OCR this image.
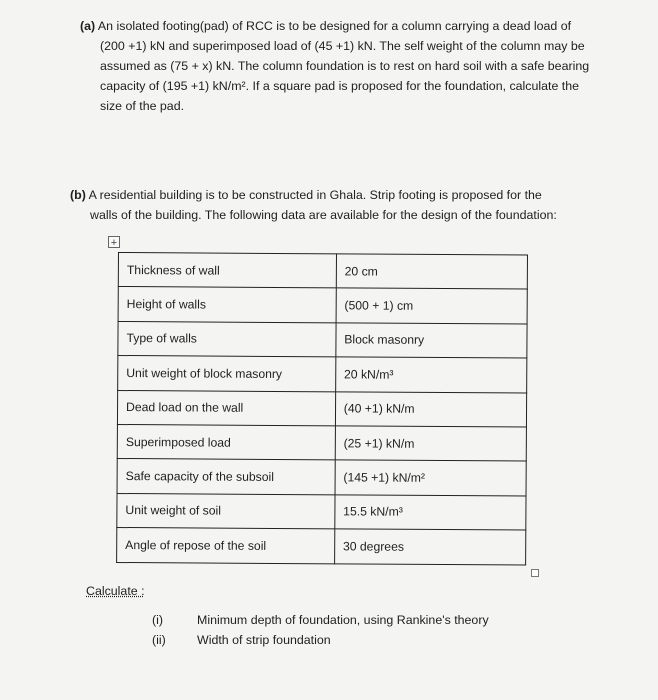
(a) An isolated footing(pad) of RCC is to be designed for a column carrying a dead load of
(200 +1) kN and superimposed load of (45 +1) kN. The self weight of the column may be
assumed as (75 + x) kN. The column foundation is to rest on hard soil with a safe bearing
capacity of (195 +1) kN/m². If a square pad is proposed for the foundation, calculate the
size of the pad.
(b) A residential building is to be constructed in Ghala. Strip footing is proposed for the
walls of the building. The following data are available for the design of the foundation:
+
Thickness of wall	20 cm
Height of walls	(500 + 1) cm
Type of walls	Block masonry
Unit weight of block masonry	20 kN/m³
Dead load on the wall	(40 +1) kN/m
Superimposed load	(25 +1) kN/m
Safe capacity of the subsoil	(145 +1) kN/m²
Unit weight of soil	15.5 kN/m³
Angle of repose of the soil	30 degrees
Calculate :
(i)	Minimum depth of foundation, using Rankine's theory
(ii)	Width of strip foundation
